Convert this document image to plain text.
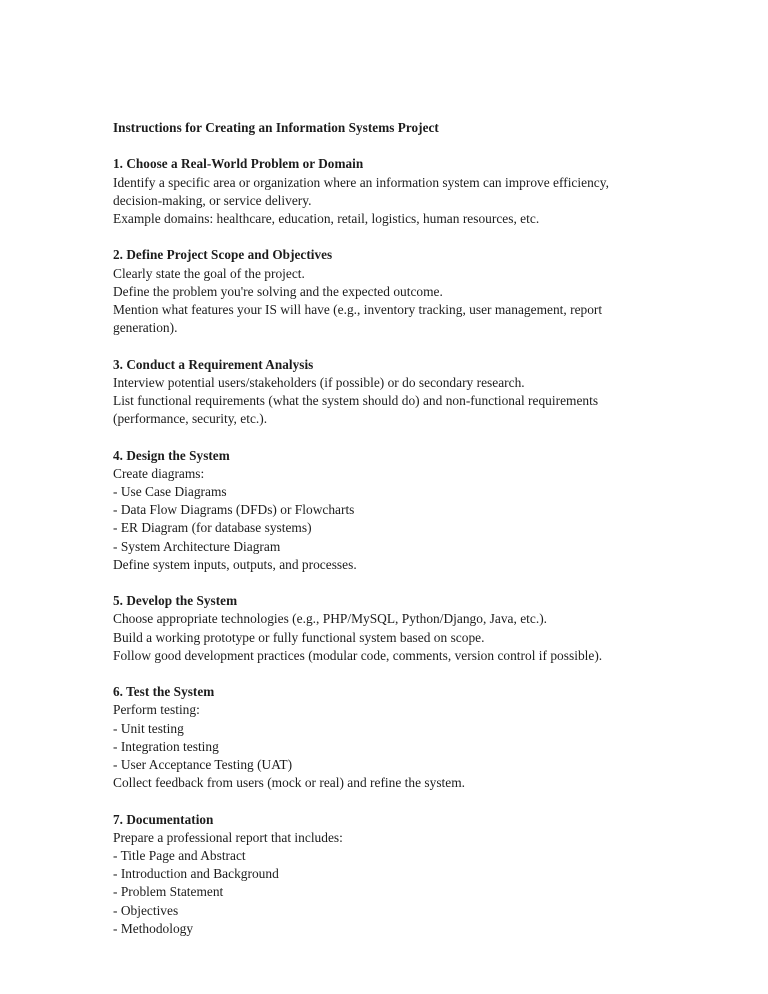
Instructions for Creating an Information Systems Project

1. Choose a Real-World Problem or Domain

Identify a specific area or organization where an information system can improve efficiency, decision-making, or service delivery.

Example domains: healthcare, education, retail, logistics, human resources, etc.

2. Define Project Scope and Objectives

Clearly state the goal of the project.

Define the problem you're solving and the expected outcome.

Mention what features your IS will have (e.g., inventory tracking, user management, report generation).

3. Conduct a Requirement Analysis

Interview potential users/stakeholders (if possible) or do secondary research.

List functional requirements (what the system should do) and non-functional requirements (performance, security, etc.).

4. Design the System

Create diagrams:

- Use Case Diagrams

- Data Flow Diagrams (DFDs) or Flowcharts

- ER Diagram (for database systems)

- System Architecture Diagram

Define system inputs, outputs, and processes.

5. Develop the System

Choose appropriate technologies (e.g., PHP/MySQL, Python/Django, Java, etc.).

Build a working prototype or fully functional system based on scope.

Follow good development practices (modular code, comments, version control if possible).

6. Test the System

Perform testing:

- Unit testing

- Integration testing

- User Acceptance Testing (UAT)

Collect feedback from users (mock or real) and refine the system.

7. Documentation

Prepare a professional report that includes:

- Title Page and Abstract

- Introduction and Background

- Problem Statement

- Objectives

- Methodology
